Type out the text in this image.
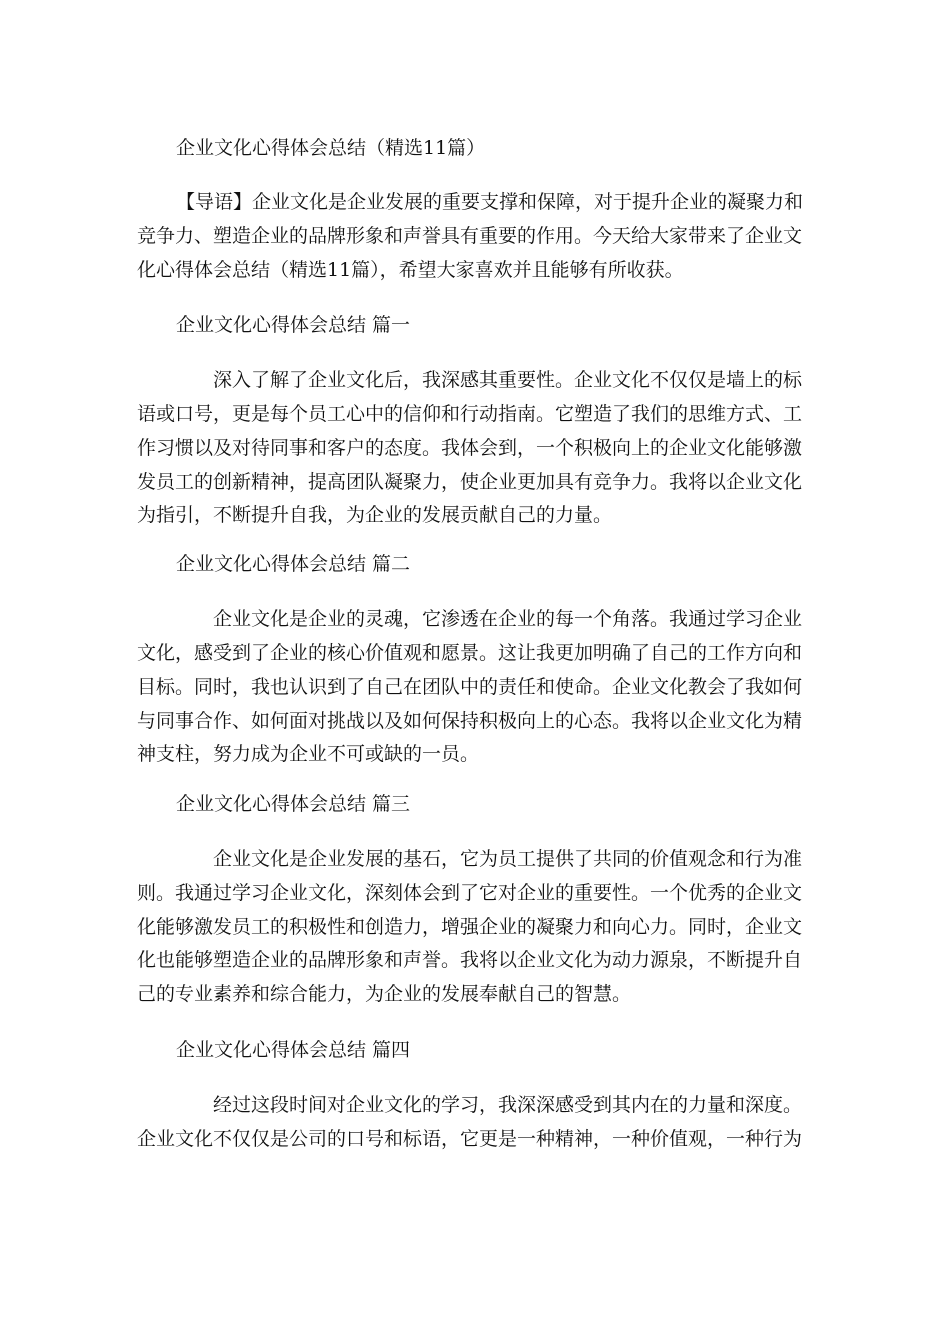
企业文化心得体会总结（精选11篇）
【导语】企业文化是企业发展的重要支撑和保障，对于提升企业的凝聚力和
竞争力、塑造企业的品牌形象和声誉具有重要的作用。今天给大家带来了企业文
化心得体会总结（精选11篇），希望大家喜欢并且能够有所收获。
企业文化心得体会总结 篇一
深入了解了企业文化后，我深感其重要性。企业文化不仅仅是墙上的标
语或口号，更是每个员工心中的信仰和行动指南。它塑造了我们的思维方式、工
作习惯以及对待同事和客户的态度。我体会到，一个积极向上的企业文化能够激
发员工的创新精神，提高团队凝聚力，使企业更加具有竞争力。我将以企业文化
为指引，不断提升自我，为企业的发展贡献自己的力量。
企业文化心得体会总结 篇二
企业文化是企业的灵魂，它渗透在企业的每一个角落。我通过学习企业
文化，感受到了企业的核心价值观和愿景。这让我更加明确了自己的工作方向和
目标。同时，我也认识到了自己在团队中的责任和使命。企业文化教会了我如何
与同事合作、如何面对挑战以及如何保持积极向上的心态。我将以企业文化为精
神支柱，努力成为企业不可或缺的一员。
企业文化心得体会总结 篇三
企业文化是企业发展的基石，它为员工提供了共同的价值观念和行为准
则。我通过学习企业文化，深刻体会到了它对企业的重要性。一个优秀的企业文
化能够激发员工的积极性和创造力，增强企业的凝聚力和向心力。同时，企业文
化也能够塑造企业的品牌形象和声誉。我将以企业文化为动力源泉，不断提升自
己的专业素养和综合能力，为企业的发展奉献自己的智慧。
企业文化心得体会总结 篇四
经过这段时间对企业文化的学习，我深深感受到其内在的力量和深度。
企业文化不仅仅是公司的口号和标语，它更是一种精神，一种价值观，一种行为
